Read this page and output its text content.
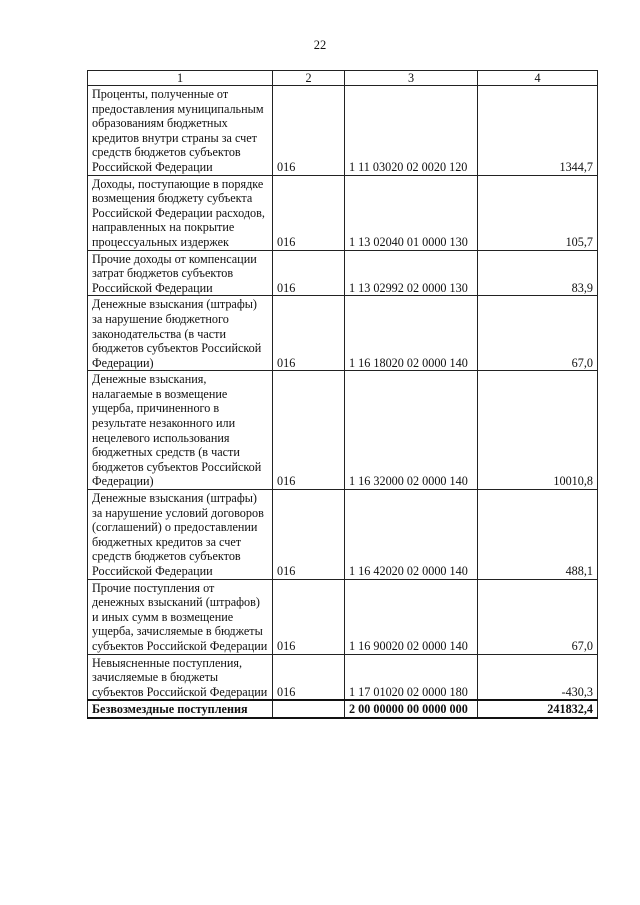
22
1	2	3	4
Проценты, полученные от предоставления муниципальным образованиям бюджетных кредитов внутри страны за счет средств бюджетов субъектов Российской Федерации	016	1 11 03020 02 0020 120	1344,7
Доходы, поступающие в порядке возмещения бюджету субъекта Российской Федерации расходов, направленных на покрытие процессуальных издержек	016	1 13 02040 01 0000 130	105,7
Прочие доходы от компенсации затрат бюджетов субъектов Российской Федерации	016	1 13 02992 02 0000 130	83,9
Денежные взыскания (штрафы) за нарушение бюджетного законодательства (в части бюджетов субъектов Российской Федерации)	016	1 16 18020 02 0000 140	67,0
Денежные взыскания, налагаемые в возмещение ущерба, причиненного в результате незаконного или нецелевого использования бюджетных средств (в части бюджетов субъектов Российской Федерации)	016	1 16 32000 02 0000 140	10010,8
Денежные взыскания (штрафы) за нарушение условий договоров (соглашений) о предоставлении бюджетных кредитов за счет средств бюджетов субъектов Российской Федерации	016	1 16 42020 02 0000 140	488,1
Прочие поступления от денежных взысканий (штрафов) и иных сумм в возмещение ущерба, зачисляемые в бюджеты субъектов Российской Федерации	016	1 16 90020 02 0000 140	67,0
Невыясненные поступления, зачисляемые в бюджеты субъектов Российской Федерации	016	1 17 01020 02 0000 180	-430,3
Безвозмездные поступления		2 00 00000 00 0000 000	241832,4
